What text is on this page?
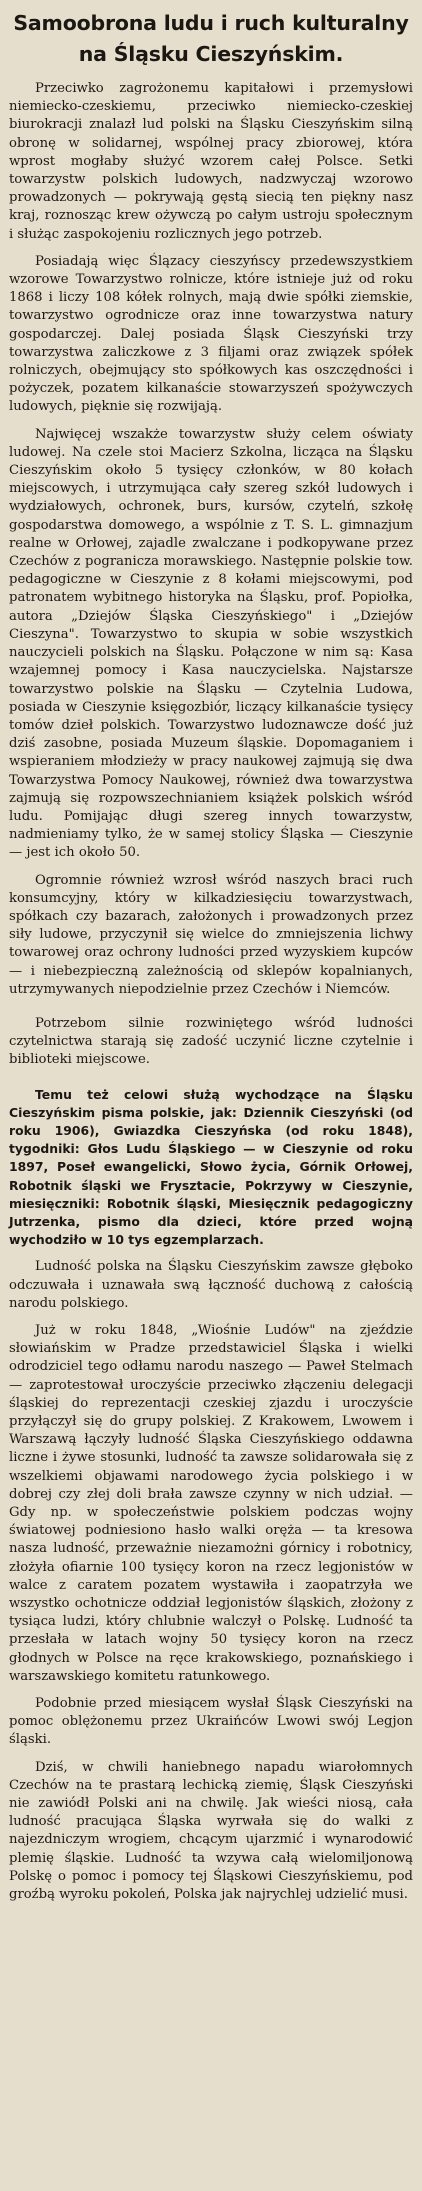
Samoobrona ludu i ruch kulturalny
na Śląsku Cieszyńskim.

Przeciwko zagrożonemu kapitałowi i przemysłowi niemiecko-czeskiemu, przeciwko niemiecko-czeskiej biurokracji znalazł lud polski na Śląsku Cieszyńskim silną obronę w solidarnej, wspólnej pracy zbiorowej, która wprost mogłaby służyć wzorem całej Polsce. Setki towarzystw polskich ludowych, nadzwyczaj wzorowo prowadzonych — pokrywają gęstą siecią ten piękny nasz kraj, roznosząc krew ożywczą po całym ustroju społecznym i służąc zaspokojeniu rozlicznych jego potrzeb.

Posiadają więc Ślązacy cieszyńscy przedewszystkiem wzorowe Towarzystwo rolnicze, które istnieje już od roku 1868 i liczy 108 kółek rolnych, mają dwie spółki ziemskie, towarzystwo ogrodnicze oraz inne towarzystwa natury gospodarczej. Dalej posiada Śląsk Cieszyński trzy towarzystwa zaliczkowe z 3 filjami oraz związek spółek rolniczych, obejmujący sto spółkowych kas oszczędności i pożyczek, pozatem kilkanaście stowarzyszeń spożywczych ludowych, pięknie się rozwijają.

Najwięcej wszakże towarzystw służy celem oświaty ludowej. Na czele stoi Macierz Szkolna, licząca na Śląsku Cieszyńskim około 5 tysięcy członków, w 80 kołach miejscowych, i utrzymująca cały szereg szkół ludowych i wydziałowych, ochronek, burs, kursów, czytelń, szkołę gospodarstwa domowego, a wspólnie z T. S. L. gimnazjum realne w Orłowej, zajadle zwalczane i podkopywane przez Czechów z pogranicza morawskiego. Następnie polskie tow. pedagogiczne w Cieszynie z 8 kołami miejscowymi, pod patronatem wybitnego historyka na Śląsku, prof. Popiołka, autora „Dziejów Śląska Cieszyńskiego" i „Dziejów Cieszyna". Towarzystwo to skupia w sobie wszystkich nauczycieli polskich na Śląsku. Połączone w nim są: Kasa wzajemnej pomocy i Kasa nauczycielska. Najstarsze towarzystwo polskie na Śląsku — Czytelnia Ludowa, posiada w Cieszynie księgozbiór, liczący kilkanaście tysięcy tomów dzieł polskich. Towarzystwo ludoznawcze dość już dziś zasobne, posiada Muzeum śląskie. Dopomaganiem i wspieraniem młodzieży w pracy naukowej zajmują się dwa Towarzystwa Pomocy Naukowej, również dwa towarzystwa zajmują się rozpowszechnianiem książek polskich wśród ludu. Pomijając długi szereg innych towarzystw, nadmieniamy tylko, że w samej stolicy Śląska — Cieszynie — jest ich około 50.

Ogromnie również wzrosł wśród naszych braci ruch konsumcyjny, który w kilkadziesięciu towarzystwach, spółkach czy bazarach, założonych i prowadzonych przez siły ludowe, przyczynił się wielce do zmniejszenia lichwy towarowej oraz ochrony ludności przed wyzyskiem kupców — i niebezpieczną zależnością od sklepów kopalnianych, utrzymywanych niepodzielnie przez Czechów i Niemców.

Potrzebom silnie rozwiniętego wśród ludności czytelnictwa starają się zadość uczynić liczne czytelnie i biblioteki miejscowe.

Temu też celowi służą wychodzące na Śląsku Cieszyńskim pisma polskie, jak: Dziennik Cieszyński (od roku 1906), Gwiazdka Cieszyńska (od roku 1848), tygodniki: Głos Ludu Śląskiego — w Cieszynie od roku 1897, Poseł ewangelicki, Słowo życia, Górnik Orłowej, Robotnik śląski we Frysztacie, Pokrzywy w Cieszynie, miesięczniki: Robotnik śląski, Miesięcznik pedagogiczny Jutrzenka, pismo dla dzieci, które przed wojną wychodziło w 10 tys egzemplarzach.

Ludność polska na Śląsku Cieszyńskim zawsze głęboko odczuwała i uznawała swą łączność duchową z całością narodu polskiego.

Już w roku 1848, „Wiośnie Ludów" na zjeździe słowiańskim w Pradze przedstawiciel Śląska i wielki odrodziciel tego odłamu narodu naszego — Paweł Stelmach — zaprotestował uroczyście przeciwko złączeniu delegacji śląskiej do reprezentacji czeskiej zjazdu i uroczyście przyłączył się do grupy polskiej. Z Krakowem, Lwowem i Warszawą łączyły ludność Śląska Cieszyńskiego oddawna liczne i żywe stosunki, ludność ta zawsze solidarowała się z wszelkiemi objawami narodowego życia polskiego i w dobrej czy złej doli brała zawsze czynny w nich udział. — Gdy np. w społeczeństwie polskiem podczas wojny światowej podniesiono hasło walki oręża — ta kresowa nasza ludność, przeważnie niezamożni górnicy i robotnicy, złożyła ofiarnie 100 tysięcy koron na rzecz legjonistów w walce z caratem pozatem wystawiła i zaopatrzyła we wszystko ochotnicze oddział legjonistów śląskich, złożony z tysiąca ludzi, który chlubnie walczył o Polskę. Ludność ta przesłała w latach wojny 50 tysięcy koron na rzecz głodnych w Polsce na ręce krakowskiego, poznańskiego i warszawskiego komitetu ratunkowego.

Podobnie przed miesiącem wysłał Śląsk Cieszyński na pomoc oblężonemu przez Ukraińców Lwowi swój Legjon śląski.

Dziś, w chwili haniebnego napadu wiarołomnych Czechów na te prastarą lechicką ziemię, Śląsk Cieszyński nie zawiódł Polski ani na chwilę. Jak wieści niosą, cała ludność pracująca Śląska wyrwała się do walki z najezdniczym wrogiem, chcącym ujarzmić i wynarodowić plemię śląskie. Ludność ta wzywa całą wielomiljonową Polskę o pomoc i pomocy tej Śląskowi Cieszyńskiemu, pod groźbą wyroku pokoleń, Polska jak najrychlej udzielić musi.
